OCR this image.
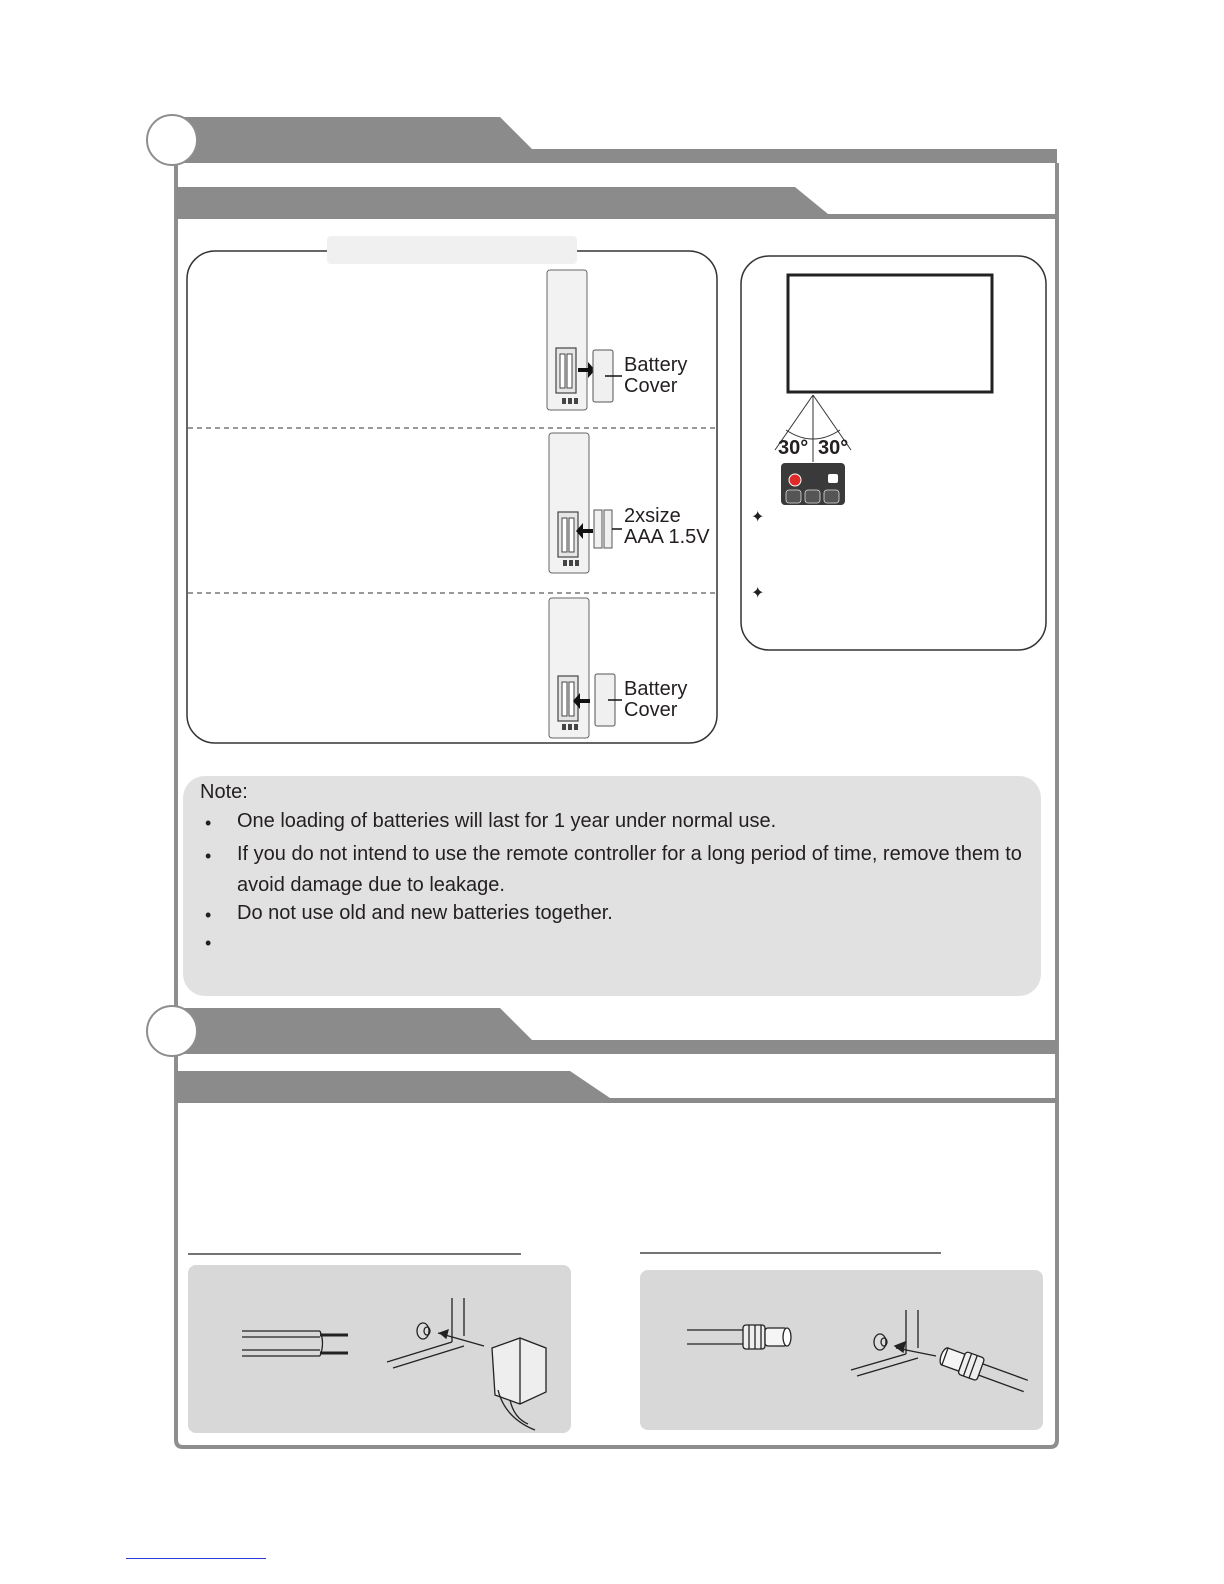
Battery
Cover
2xsize
AAA 1.5V
Battery
Cover
30° 30°
✦
✦
Note:
• One loading of batteries will last for 1 year under normal use.
• If you do not intend to use the remote controller for a long period of time, remove them to avoid damage due to leakage.
• Do not use old and new batteries together.
•
